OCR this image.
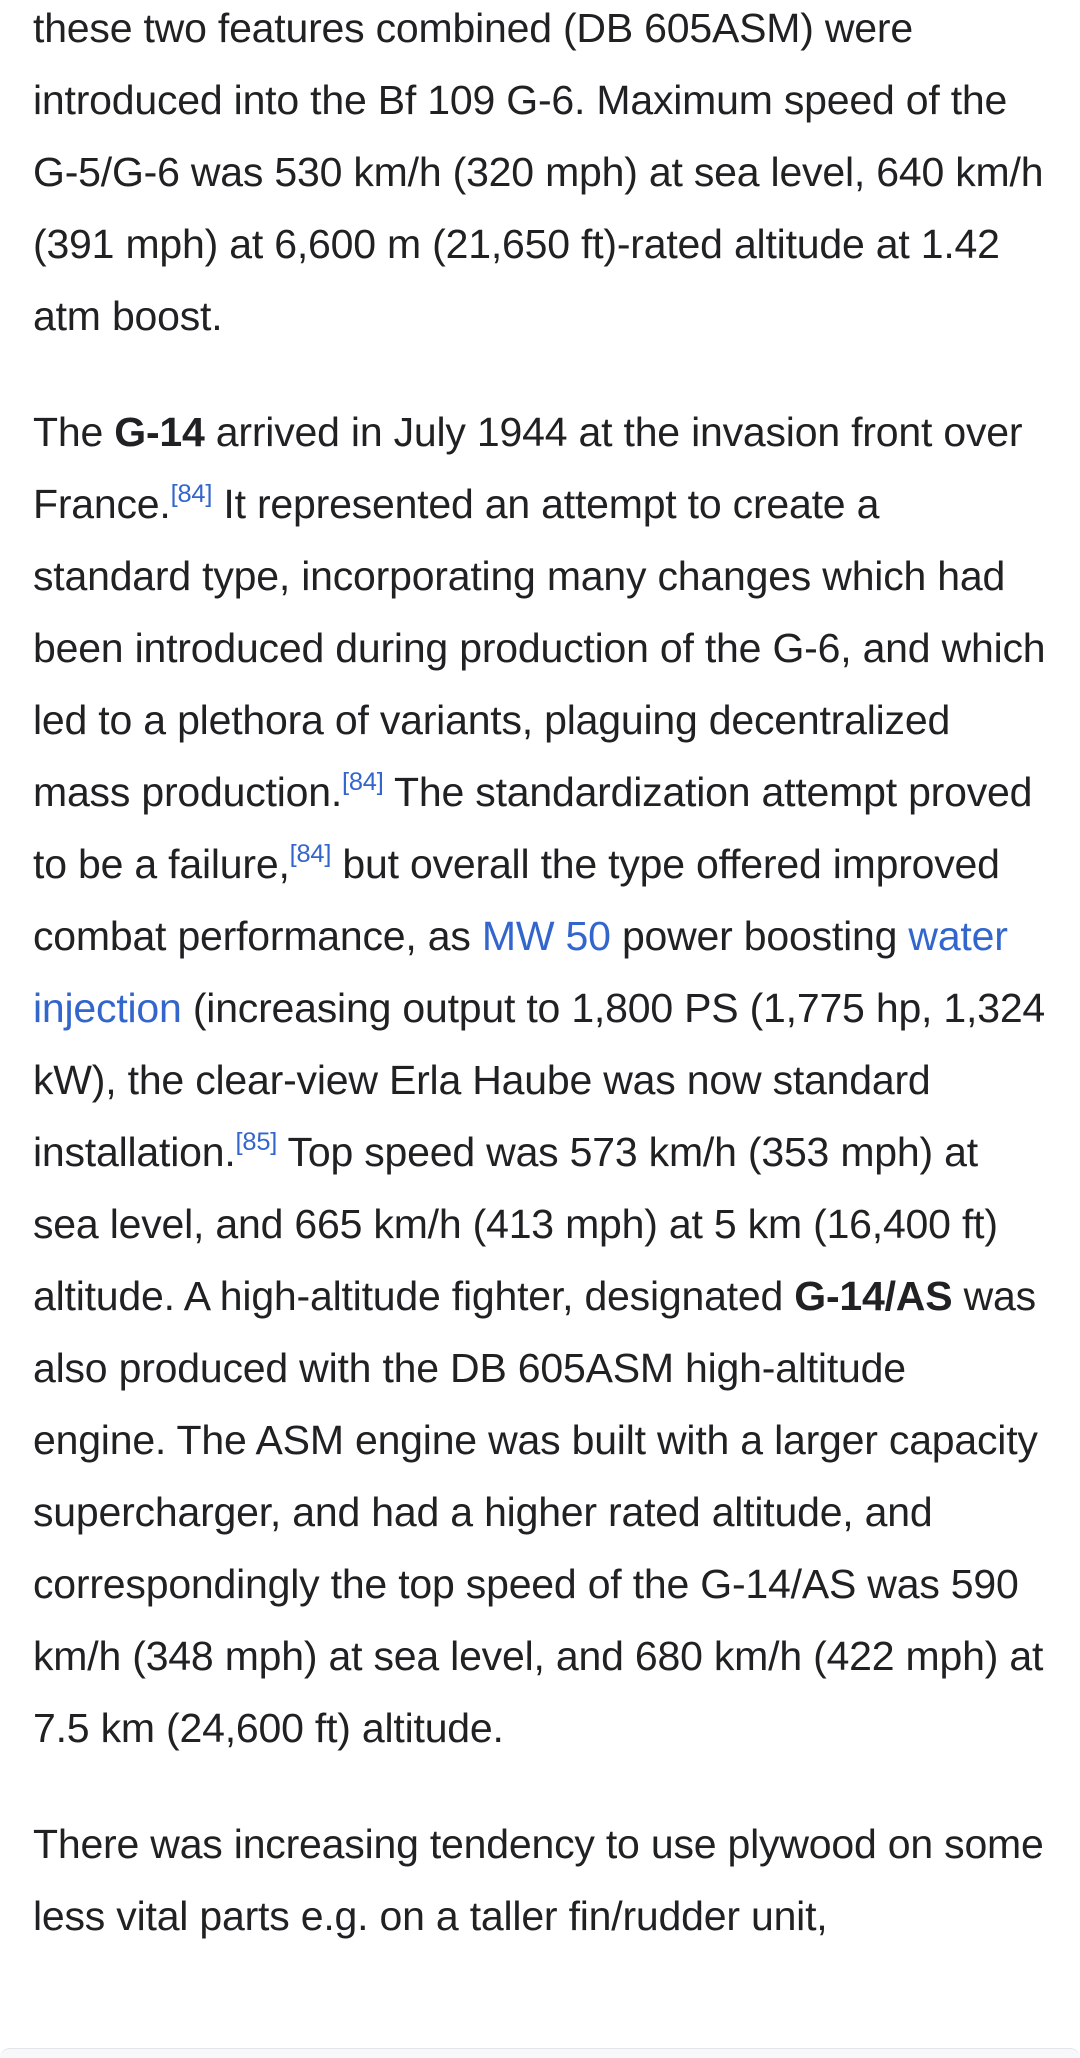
these two features combined (DB 605ASM) were introduced into the Bf 109 G-6. Maximum speed of the G-5/G-6 was 530 km/h (320 mph) at sea level, 640 km/h (391 mph) at 6,600 m (21,650 ft)-rated altitude at 1.42 atm boost.

The G-14 arrived in July 1944 at the invasion front over France.[84] It represented an attempt to create a standard type, incorporating many changes which had been introduced during production of the G-6, and which led to a plethora of variants, plaguing decentralized mass production.[84] The standardization attempt proved to be a failure,[84] but overall the type offered improved combat performance, as MW 50 power boosting water injection (increasing output to 1,800 PS (1,775 hp, 1,324 kW), the clear-view Erla Haube was now standard installation.[85] Top speed was 573 km/h (353 mph) at sea level, and 665 km/h (413 mph) at 5 km (16,400 ft) altitude. A high-altitude fighter, designated G-14/AS was also produced with the DB 605ASM high-altitude engine. The ASM engine was built with a larger capacity supercharger, and had a higher rated altitude, and correspondingly the top speed of the G-14/AS was 590 km/h (348 mph) at sea level, and 680 km/h (422 mph) at 7.5 km (24,600 ft) altitude.

There was increasing tendency to use plywood on some less vital parts e.g. on a taller fin/rudder unit,
